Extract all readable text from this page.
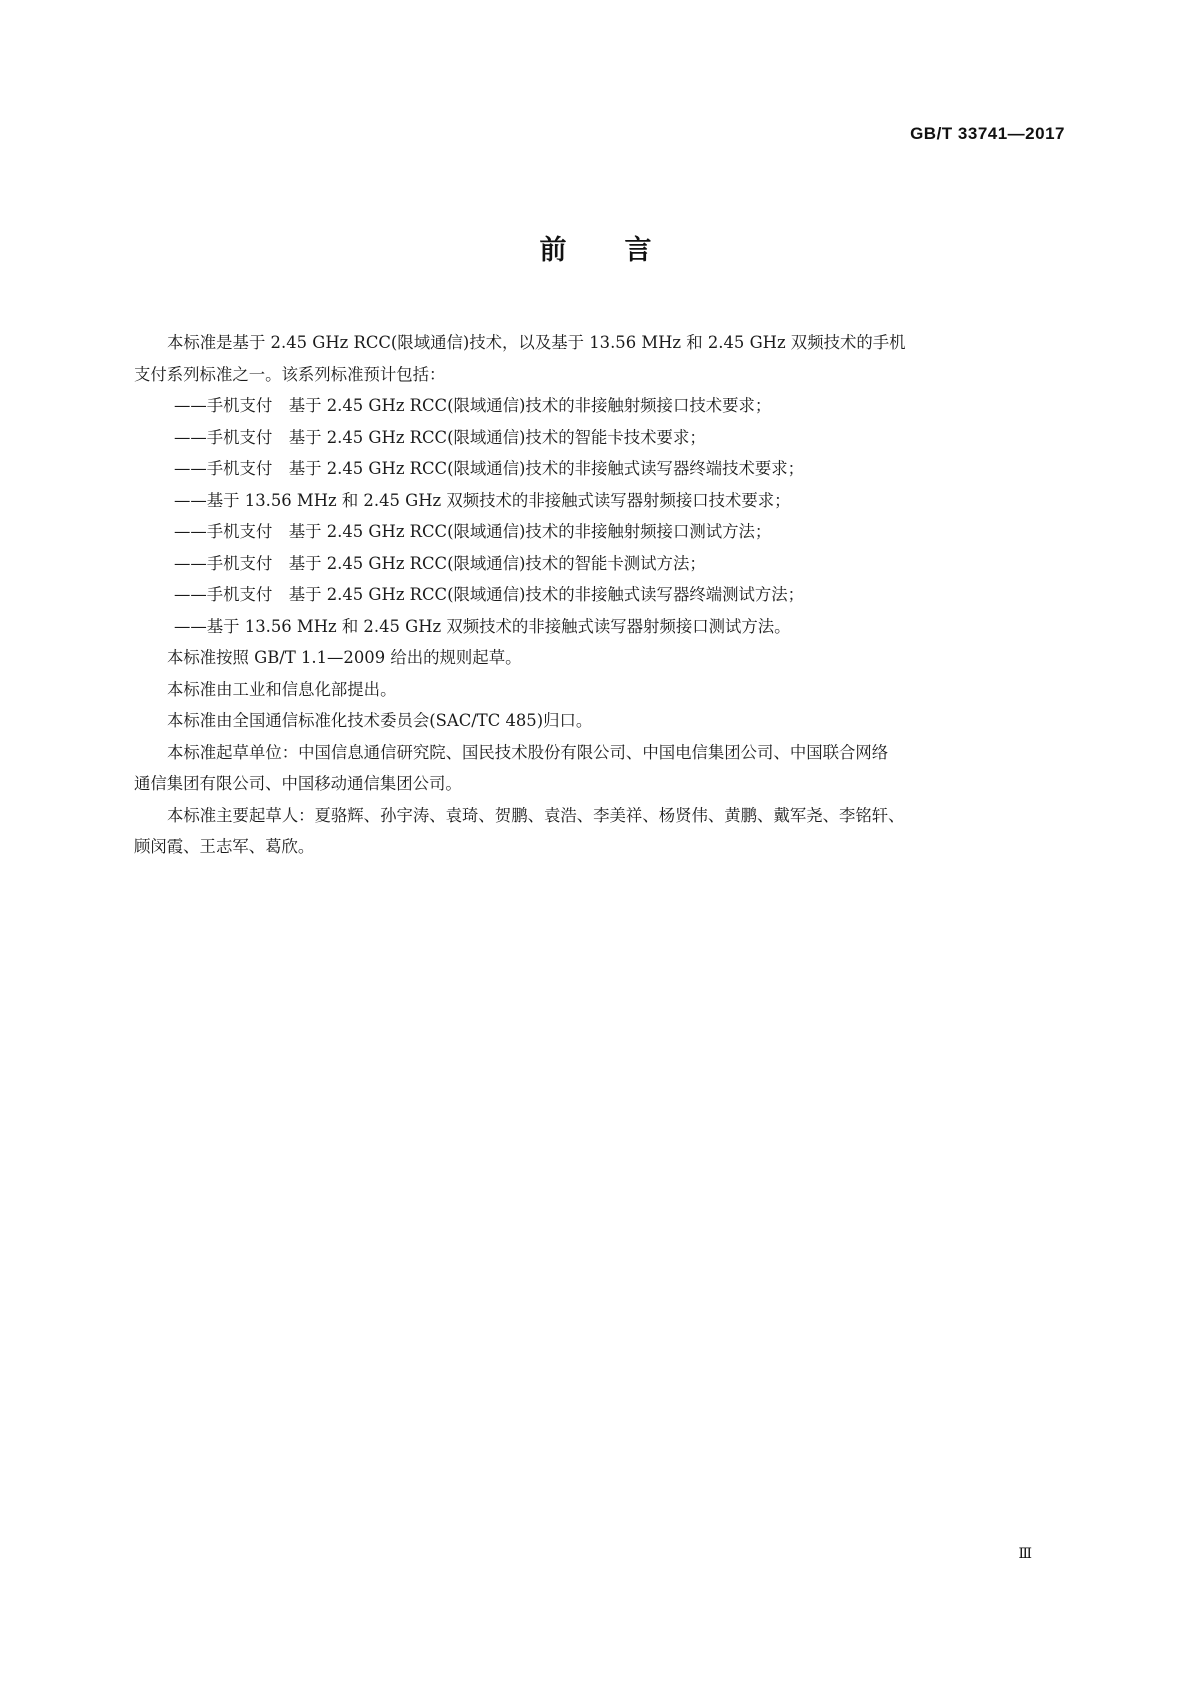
GB/T 33741—2017
前言

本标准是基于 2.45 GHz RCC(限域通信)技术，以及基于 13.56 MHz 和 2.45 GHz 双频技术的手机
支付系列标准之一。该系列标准预计包括：

——手机支付　基于 2.45 GHz RCC(限域通信)技术的非接触射频接口技术要求；

——手机支付　基于 2.45 GHz RCC(限域通信)技术的智能卡技术要求；

——手机支付　基于 2.45 GHz RCC(限域通信)技术的非接触式读写器终端技术要求；

——基于 13.56 MHz 和 2.45 GHz 双频技术的非接触式读写器射频接口技术要求；

——手机支付　基于 2.45 GHz RCC(限域通信)技术的非接触射频接口测试方法；

——手机支付　基于 2.45 GHz RCC(限域通信)技术的智能卡测试方法；

——手机支付　基于 2.45 GHz RCC(限域通信)技术的非接触式读写器终端测试方法；

——基于 13.56 MHz 和 2.45 GHz 双频技术的非接触式读写器射频接口测试方法。

本标准按照 GB/T 1.1—2009 给出的规则起草。

本标准由工业和信息化部提出。

本标准由全国通信标准化技术委员会(SAC/TC 485)归口。

本标准起草单位：中国信息通信研究院、国民技术股份有限公司、中国电信集团公司、中国联合网络
通信集团有限公司、中国移动通信集团公司。

本标准主要起草人：夏骆辉、孙宇涛、袁琦、贺鹏、袁浩、李美祥、杨贤伟、黄鹏、戴军尧、李铭轩、
顾闵霞、王志军、葛欣。

Ⅲ
